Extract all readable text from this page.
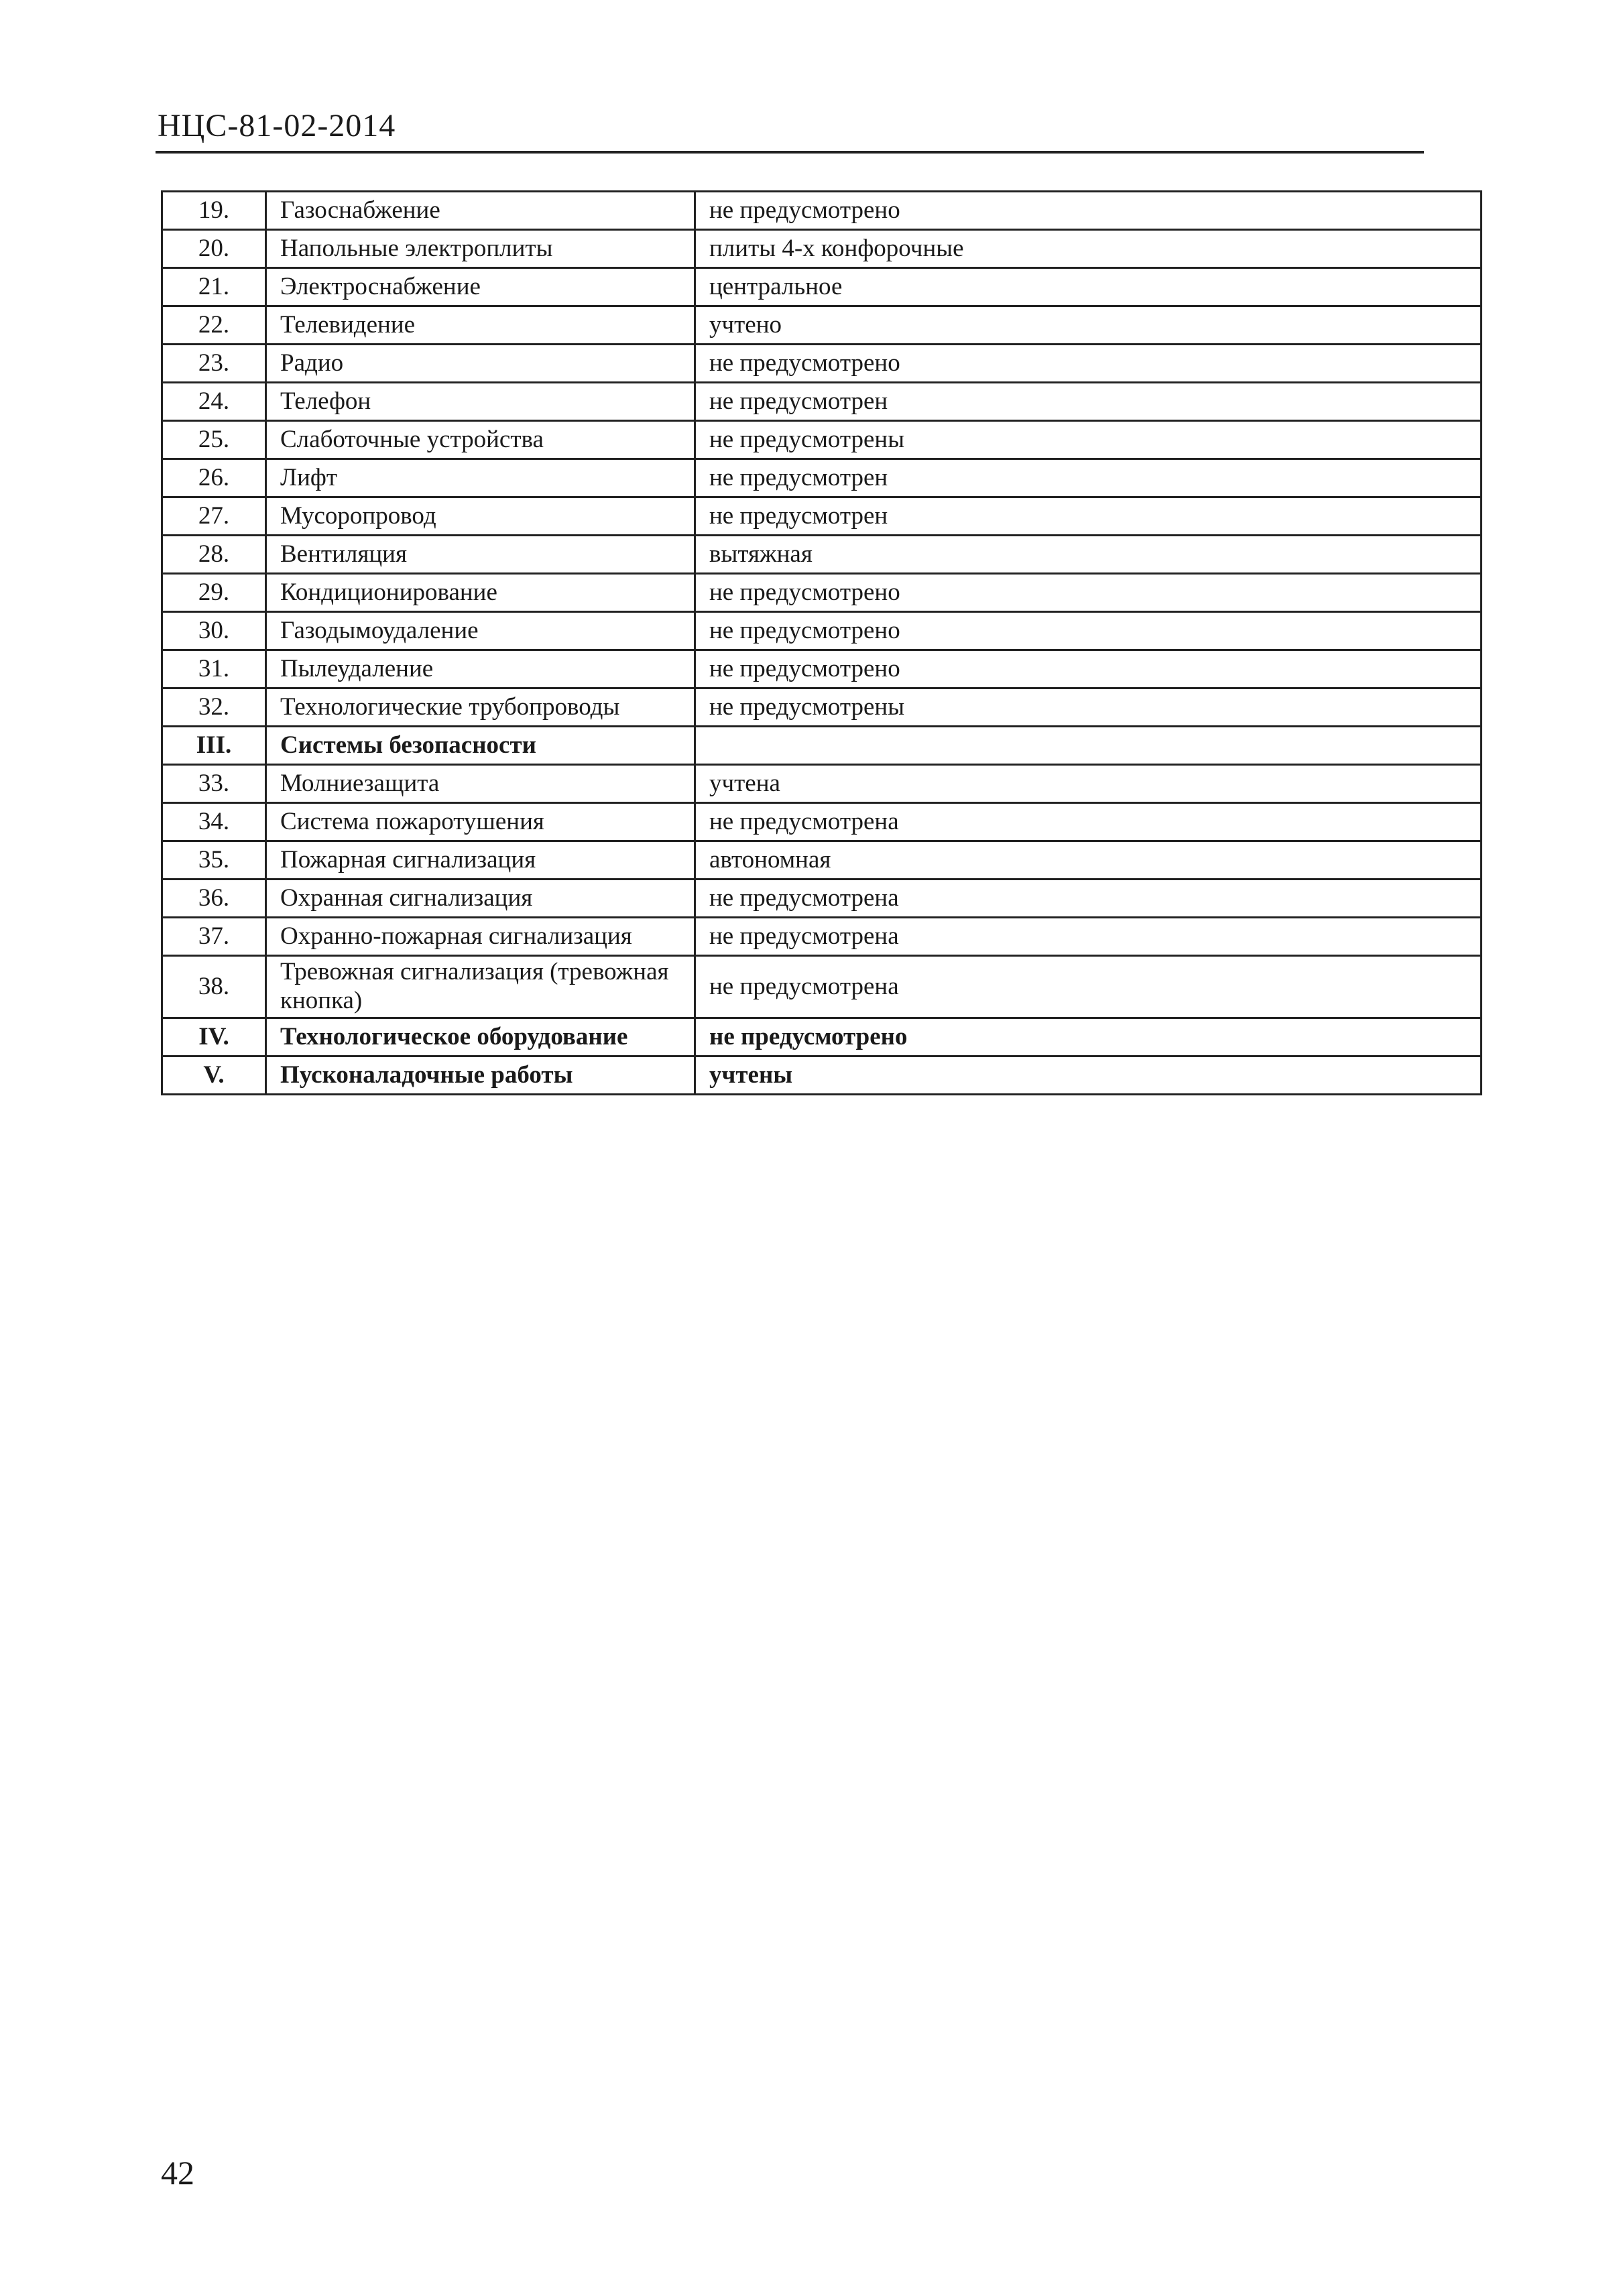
НЦС-81-02-2014
19.	Газоснабжение	не предусмотрено
20.	Напольные электроплиты	плиты 4-х конфорочные
21.	Электроснабжение	центральное
22.	Телевидение	учтено
23.	Радио	не предусмотрено
24.	Телефон	не предусмотрен
25.	Слаботочные устройства	не предусмотрены
26.	Лифт	не предусмотрен
27.	Мусоропровод	не предусмотрен
28.	Вентиляция	вытяжная
29.	Кондиционирование	не предусмотрено
30.	Газодымоудаление	не предусмотрено
31.	Пылеудаление	не предусмотрено
32.	Технологические трубопроводы	не предусмотрены
III.	Системы безопасности	
33.	Молниезащита	учтена
34.	Система пожаротушения	не предусмотрена
35.	Пожарная сигнализация	автономная
36.	Охранная сигнализация	не предусмотрена
37.	Охранно-пожарная сигнализация	не предусмотрена
38.	Тревожная сигнализация (тревожная кнопка)	не предусмотрена
IV.	Технологическое оборудование	не предусмотрено
V.	Пусконаладочные работы	учтены
42
